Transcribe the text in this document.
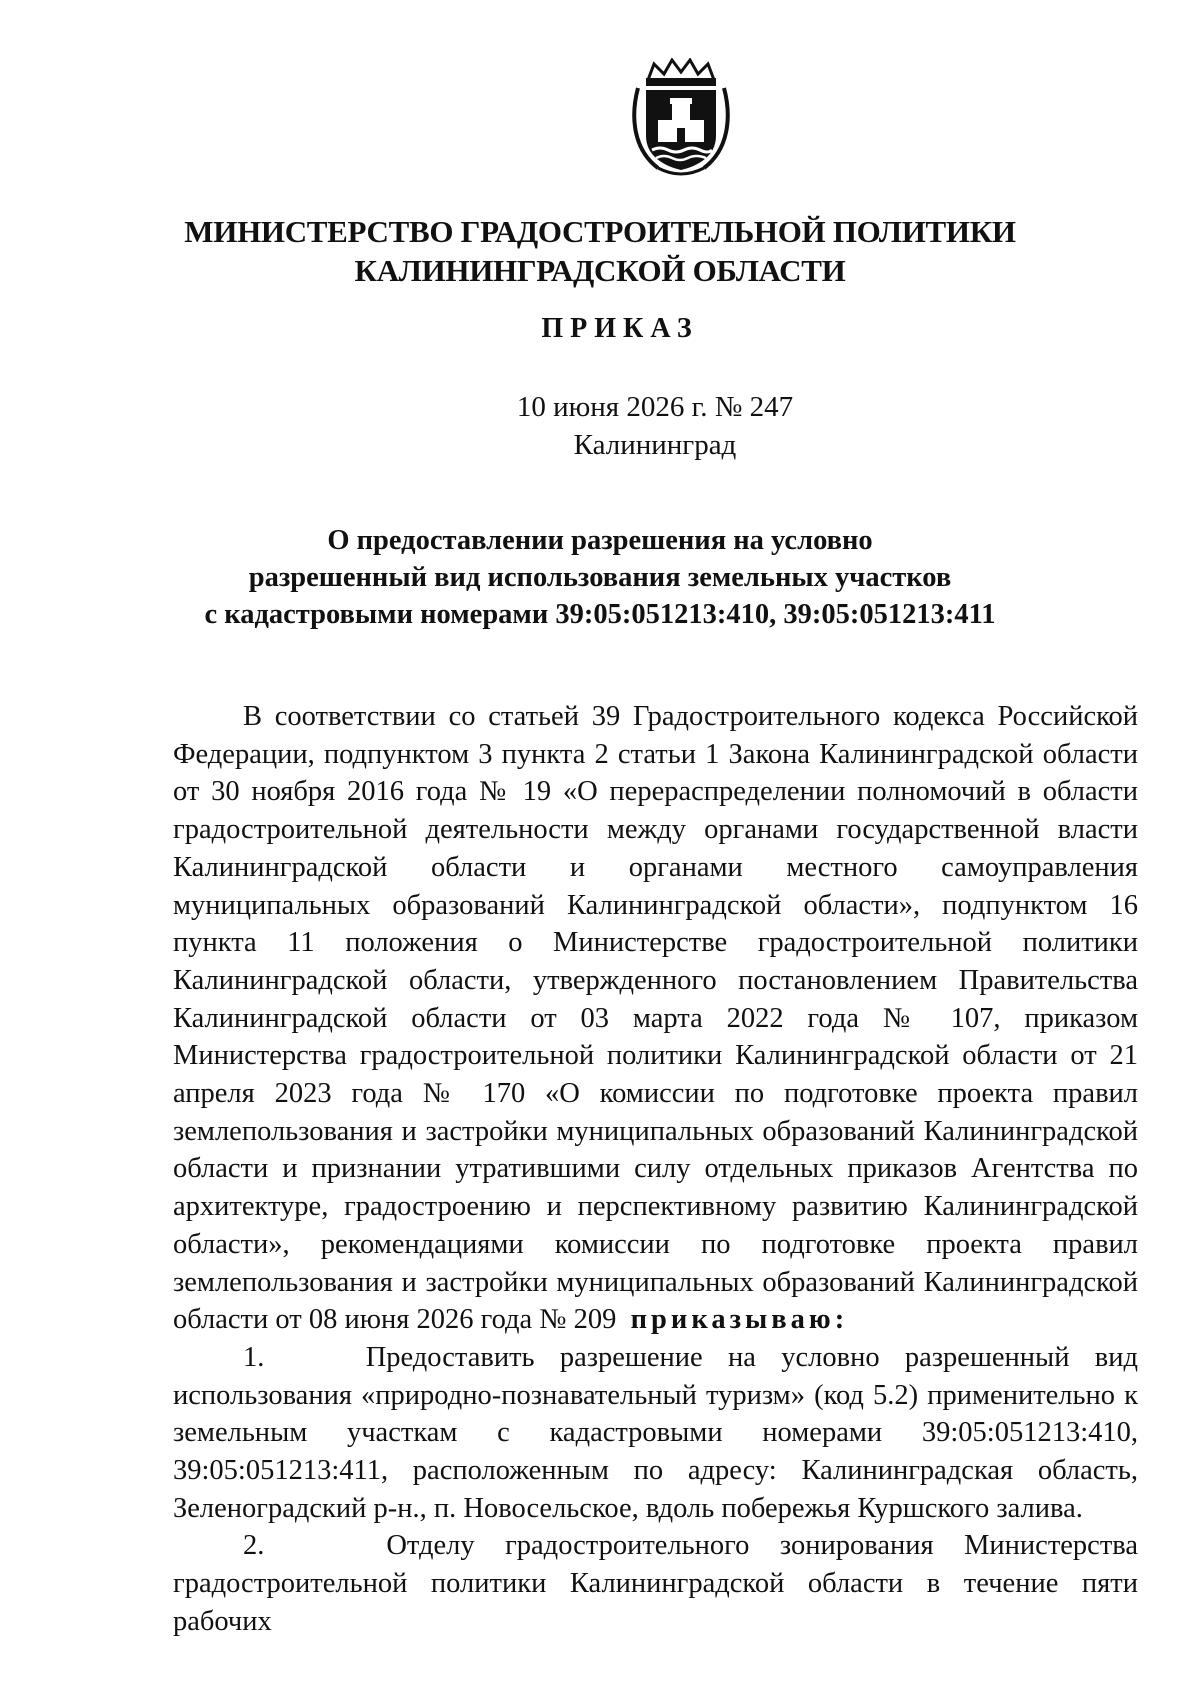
МИНИСТЕРСТВО ГРАДОСТРОИТЕЛЬНОЙ ПОЛИТИКИ
КАЛИНИНГРАДСКОЙ ОБЛАСТИ
ПРИКАЗ
10 июня 2026 г. № 247
Калининград
О предоставлении разрешения на условно
разрешенный вид использования земельных участков
с кадастровыми номерами 39:05:051213:410, 39:05:051213:411

В соответствии со статьей 39 Градостроительного кодекса Российской Федерации, подпунктом 3 пункта 2 статьи 1 Закона Калининградской области от 30 ноября 2016 года № 19 «О перераспределении полномочий в области градостроительной деятельности между органами государственной власти Калининградской области и органами местного самоуправления муниципальных образований Калининградской области», подпунктом 16 пункта 11 положения о Министерстве градостроительной политики Калининградской области, утвержденного постановлением Правительства Калининградской области от 03 марта 2022 года № 107, приказом Министерства градостроительной политики Калининградской области от 21 апреля 2023 года № 170 «О комиссии по подготовке проекта правил землепользования и застройки муниципальных образований Калининградской области и признании утратившими силу отдельных приказов Агентства по архитектуре, градостроению и перспективному развитию Калининградской области», рекомендациями комиссии по подготовке проекта правил землепользования и застройки муниципальных образований Калининградской области от 08 июня 2026 года № 209 приказываю:

1.	Предоставить разрешение на условно разрешенный вид использования «природно-познавательный туризм» (код 5.2) применительно к земельным участкам с кадастровыми номерами 39:05:051213:410, 39:05:051213:411, расположенным по адресу: Калининградская область, Зеленоградский р-н., п. Новосельское, вдоль побережья Куршского залива.

2.	Отделу градостроительного зонирования Министерства градостроительной политики Калининградской области в течение пяти рабочих
